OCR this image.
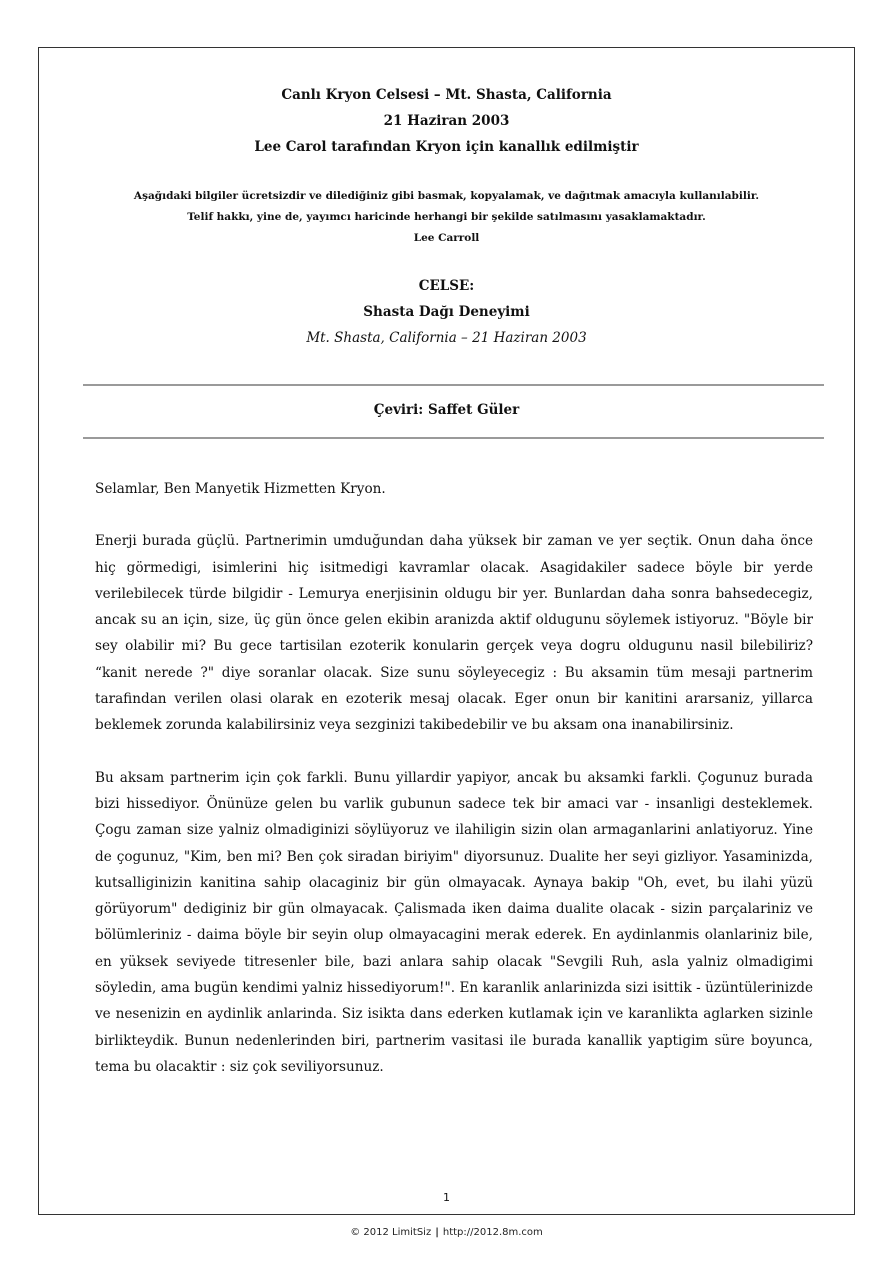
Canlı Kryon Celsesi – Mt. Shasta, California

21 Haziran 2003

Lee Carol tarafından Kryon için kanallık edilmiştir

Aşağıdaki bilgiler ücretsizdir ve dilediğiniz gibi basmak, kopyalamak, ve dağıtmak amacıyla kullanılabilir.

Telif hakkı, yine de, yayımcı haricinde herhangi bir şekilde satılmasını yasaklamaktadır.

Lee Carroll

CELSE:

Shasta Dağı Deneyimi

Mt. Shasta, California – 21 Haziran 2003

Çeviri: Saffet Güler

Selamlar, Ben Manyetik Hizmetten Kryon.

Enerji burada güçlü. Partnerimin umduğundan daha yüksek bir zaman ve yer seçtik. Onun daha önce hiç görmedigi, isimlerini hiç isitmedigi kavramlar olacak. Asagidakiler sadece böyle bir yerde verilebilecek türde bilgidir - Lemurya enerjisinin oldugu bir yer. Bunlardan daha sonra bahsedecegiz, ancak su an için, size, üç gün önce gelen ekibin aranizda aktif oldugunu söylemek istiyoruz. "Böyle bir sey olabilir mi? Bu gece tartisilan ezoterik konularin gerçek veya dogru oldugunu nasil bilebiliriz? “kanit nerede ?" diye soranlar olacak. Size sunu söyleyecegiz : Bu aksamin tüm mesaji partnerim tarafindan verilen olasi olarak en ezoterik mesaj olacak. Eger onun bir kanitini ararsaniz, yillarca beklemek zorunda kalabilirsiniz veya sezginizi takibedebilir ve bu aksam ona inanabilirsiniz.

Bu aksam partnerim için çok farkli. Bunu yillardir yapiyor, ancak bu aksamki farkli. Çogunuz burada bizi hissediyor. Önünüze gelen bu varlik gubunun sadece tek bir amaci var - insanligi desteklemek. Çogu zaman size yalniz olmadiginizi söylüyoruz ve ilahiligin sizin olan armaganlarini anlatiyoruz. Yine de çogunuz, "Kim, ben mi? Ben çok siradan biriyim" diyorsunuz. Dualite her seyi gizliyor. Yasaminizda, kutsalliginizin kanitina sahip olacaginiz bir gün olmayacak. Aynaya bakip "Oh, evet, bu ilahi yüzü görüyorum" dediginiz bir gün olmayacak. Çalismada iken daima dualite olacak - sizin parçalariniz ve bölümleriniz - daima böyle bir seyin olup olmayacagini merak ederek. En aydinlanmis olanlariniz bile, en yüksek seviyede titresenler bile, bazi anlara sahip olacak "Sevgili Ruh, asla yalniz olmadigimi söyledin, ama bugün kendimi yalniz hissediyorum!". En karanlik anlarinizda sizi isittik - üzüntülerinizde ve nesenizin en aydinlik anlarinda. Siz isikta dans ederken kutlamak için ve karanlikta aglarken sizinle birlikteydik. Bunun nedenlerinden biri, partnerim vasitasi ile burada kanallik yaptigim süre boyunca, tema bu olacaktir : siz çok seviliyorsunuz.

1

© 2012 LimitSiz | http://2012.8m.com
